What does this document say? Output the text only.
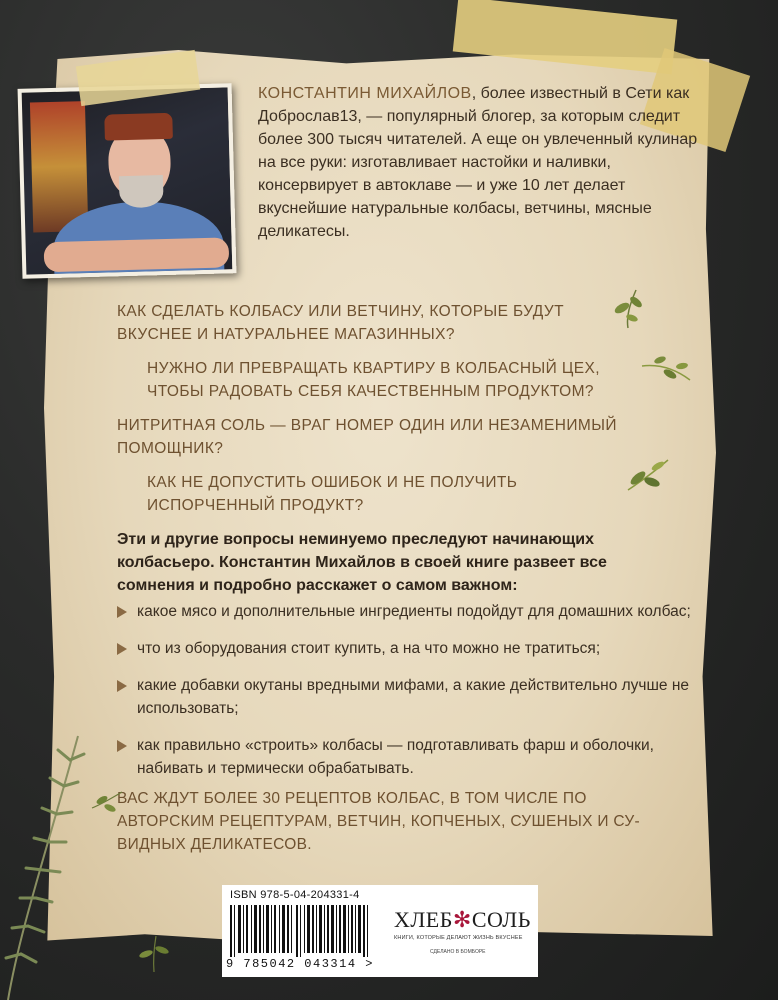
КОНСТАНТИН МИХАЙЛОВ, более известный в Сети как Доброслав13, — популярный блогер, за которым следит более 300 тысяч читателей. А еще он увлеченный кулинар на все руки: изготавливает настойки и наливки, консервирует в автоклаве — и уже 10 лет делает вкуснейшие натуральные колбасы, ветчины, мясные деликатесы.

КАК СДЕЛАТЬ КОЛБАСУ ИЛИ ВЕТЧИНУ, КОТОРЫЕ БУДУТ
ВКУСНЕЕ И НАТУРАЛЬНЕЕ МАГАЗИННЫХ?

НУЖНО ЛИ ПРЕВРАЩАТЬ КВАРТИРУ В КОЛБАСНЫЙ ЦЕХ,
ЧТОБЫ РАДОВАТЬ СЕБЯ КАЧЕСТВЕННЫМ ПРОДУКТОМ?

НИТРИТНАЯ СОЛЬ — ВРАГ НОМЕР ОДИН ИЛИ НЕЗАМЕНИМЫЙ
ПОМОЩНИК?

КАК НЕ ДОПУСТИТЬ ОШИБОК И НЕ ПОЛУЧИТЬ
ИСПОРЧЕННЫЙ ПРОДУКТ?

Эти и другие вопросы неминуемо преследуют начинающих колбасьеро. Константин Михайлов в своей книге развеет все сомнения и подробно расскажет о самом важном:

какое мясо и дополнительные ингредиенты подойдут для домашних колбас;
что из оборудования стоит купить, а на что можно не тратиться;
какие добавки окутаны вредными мифами, а какие действительно лучше не использовать;
как правильно «строить» колбасы — подготавливать фарш и оболочки, набивать и термически обрабатывать.

ВАС ЖДУТ БОЛЕЕ 30 РЕЦЕПТОВ КОЛБАС, В ТОМ ЧИСЛЕ ПО АВТОРСКИМ РЕЦЕПТУРАМ, ВЕТЧИН, КОПЧЕНЫХ, СУШЕНЫХ И СУ-ВИДНЫХ ДЕЛИКАТЕСОВ.

ISBN 978-5-04-204331-4
9 785042 043314 >
ХЛЕБ✻СОЛЬ
КНИГИ, КОТОРЫЕ ДЕЛАЮТ ЖИЗНЬ ВКУСНЕЕ
СДЕЛАНО В БОМБОРЕ
